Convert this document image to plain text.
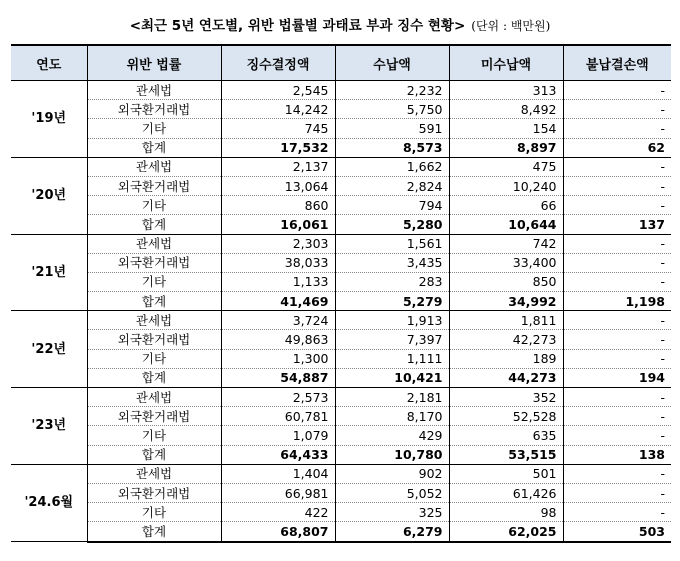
<최근 5년 연도별, 위반 법률별 과태료 부과 징수 현황> (단위 : 백만원)
연도	위반 법률	징수결정액	수납액	미수납액	불납결손액
'19년	관세법	2,545	2,232	313	-
	외국환거래법	14,242	5,750	8,492	-
	기타	745	591	154	-
	합계	17,532	8,573	8,897	62
'20년	관세법	2,137	1,662	475	-
	외국환거래법	13,064	2,824	10,240	-
	기타	860	794	66	-
	합계	16,061	5,280	10,644	137
'21년	관세법	2,303	1,561	742	-
	외국환거래법	38,033	3,435	33,400	-
	기타	1,133	283	850	-
	합계	41,469	5,279	34,992	1,198
'22년	관세법	3,724	1,913	1,811	-
	외국환거래법	49,863	7,397	42,273	-
	기타	1,300	1,111	189	-
	합계	54,887	10,421	44,273	194
'23년	관세법	2,573	2,181	352	-
	외국환거래법	60,781	8,170	52,528	-
	기타	1,079	429	635	-
	합계	64,433	10,780	53,515	138
'24.6월	관세법	1,404	902	501	-
	외국환거래법	66,981	5,052	61,426	-
	기타	422	325	98	-
	합계	68,807	6,279	62,025	503
